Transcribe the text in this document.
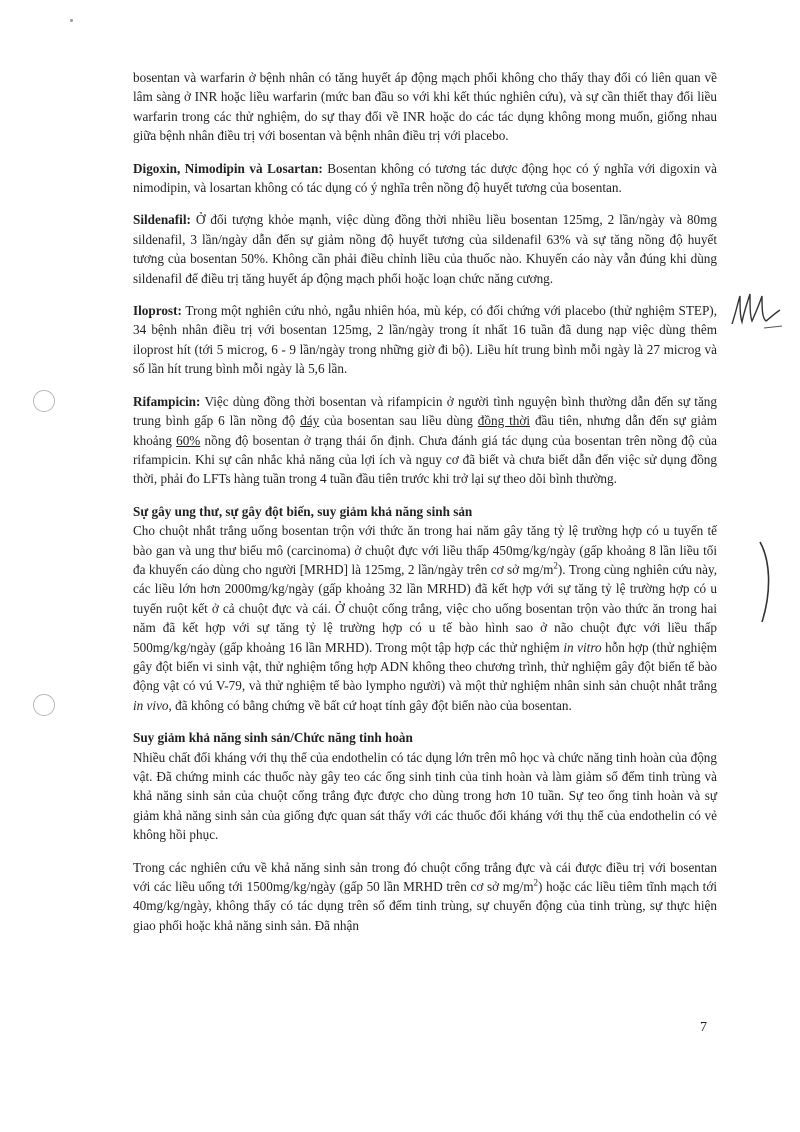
bosentan và warfarin ở bệnh nhân có tăng huyết áp động mạch phổi không cho thấy thay đổi có liên quan về lâm sàng ở INR hoặc liều warfarin (mức ban đầu so với khi kết thúc nghiên cứu), và sự cần thiết thay đổi liều warfarin trong các thử nghiệm, do sự thay đổi về INR hoặc do các tác dụng không mong muốn, giống nhau giữa bệnh nhân điều trị với bosentan và bệnh nhân điều trị với placebo.

Digoxin, Nimodipin và Losartan: Bosentan không có tương tác dược động học có ý nghĩa với digoxin và nimodipin, và losartan không có tác dụng có ý nghĩa trên nồng độ huyết tương của bosentan.

Sildenafil: Ở đối tượng khỏe mạnh, việc dùng đồng thời nhiều liều bosentan 125mg, 2 lần/ngày và 80mg sildenafil, 3 lần/ngày dẫn đến sự giảm nồng độ huyết tương của sildenafil 63% và sự tăng nồng độ huyết tương của bosentan 50%. Không cần phải điều chỉnh liều của thuốc nào. Khuyến cáo này vẫn đúng khi dùng sildenafil để điều trị tăng huyết áp động mạch phổi hoặc loạn chức năng cương.

Iloprost: Trong một nghiên cứu nhỏ, ngẫu nhiên hóa, mù kép, có đối chứng với placebo (thử nghiệm STEP), 34 bệnh nhân điều trị với bosentan 125mg, 2 lần/ngày trong ít nhất 16 tuần đã dung nạp việc dùng thêm iloprost hít (tới 5 microg, 6 - 9 lần/ngày trong những giờ đi bộ). Liều hít trung bình mỗi ngày là 27 microg và số lần hít trung bình mỗi ngày là 5,6 lần.

Rifampicin: Việc dùng đồng thời bosentan và rifampicin ở người tình nguyện bình thường dẫn đến sự tăng trung bình gấp 6 lần nồng độ đáy của bosentan sau liều dùng đồng thời đầu tiên, nhưng dẫn đến sự giảm khoảng 60% nồng độ bosentan ở trạng thái ổn định. Chưa đánh giá tác dụng của bosentan trên nồng độ của rifampicin. Khi sự cân nhắc khả năng của lợi ích và nguy cơ đã biết và chưa biết dẫn đến việc sử dụng đồng thời, phải đo LFTs hàng tuần trong 4 tuần đầu tiên trước khi trở lại sự theo dõi bình thường.

Sự gây ung thư, sự gây đột biến, suy giảm khả năng sinh sản

Cho chuột nhắt trắng uống bosentan trộn với thức ăn trong hai năm gây tăng tỷ lệ trường hợp có u tuyến tế bào gan và ung thư biểu mô (carcinoma) ở chuột đực với liều thấp 450mg/kg/ngày (gấp khoảng 8 lần liều tối đa khuyến cáo dùng cho người [MRHD] là 125mg, 2 lần/ngày trên cơ sở $mg/m^2$). Trong cùng nghiên cứu này, các liều lớn hơn 2000mg/kg/ngày (gấp khoảng 32 lần MRHD) đã kết hợp với sự tăng tỷ lệ trường hợp có u tuyến ruột kết ở cả chuột đực và cái. Ở chuột cống trắng, việc cho uống bosentan trộn vào thức ăn trong hai năm đã kết hợp với sự tăng tỷ lệ trường hợp có u tế bào hình sao ở não chuột đực với liều thấp 500mg/kg/ngày (gấp khoảng 16 lần MRHD). Trong một tập hợp các thử nghiệm in vitro hỗn hợp (thử nghiệm gây đột biến vi sinh vật, thử nghiệm tổng hợp ADN không theo chương trình, thử nghiệm gây đột biến tế bào động vật có vú V-79, và thử nghiệm tế bào lympho người) và một thử nghiệm nhân sinh sản chuột nhắt trắng in vivo, đã không có bằng chứng về bất cứ hoạt tính gây đột biến nào của bosentan.

Suy giảm khả năng sinh sản/Chức năng tinh hoàn

Nhiều chất đối kháng với thụ thể của endothelin có tác dụng lớn trên mô học và chức năng tinh hoàn của động vật. Đã chứng minh các thuốc này gây teo các ống sinh tinh của tinh hoàn và làm giảm số đếm tinh trùng và khả năng sinh sản của chuột cống trắng đực được cho dùng trong hơn 10 tuần. Sự teo ống tinh hoàn và sự giảm khả năng sinh sản của giống đực quan sát thấy với các thuốc đối kháng với thụ thể của endothelin có vẻ không hồi phục.

Trong các nghiên cứu về khả năng sinh sản trong đó chuột cống trắng đực và cái được điều trị với bosentan với các liều uống tới 1500mg/kg/ngày (gấp 50 lần MRHD trên cơ sở $mg/m^2$) hoặc các liều tiêm tĩnh mạch tới 40mg/kg/ngày, không thấy có tác dụng trên số đếm tinh trùng, sự chuyển động của tinh trùng, sự thực hiện giao phối hoặc khả năng sinh sản. Đã nhận

7
